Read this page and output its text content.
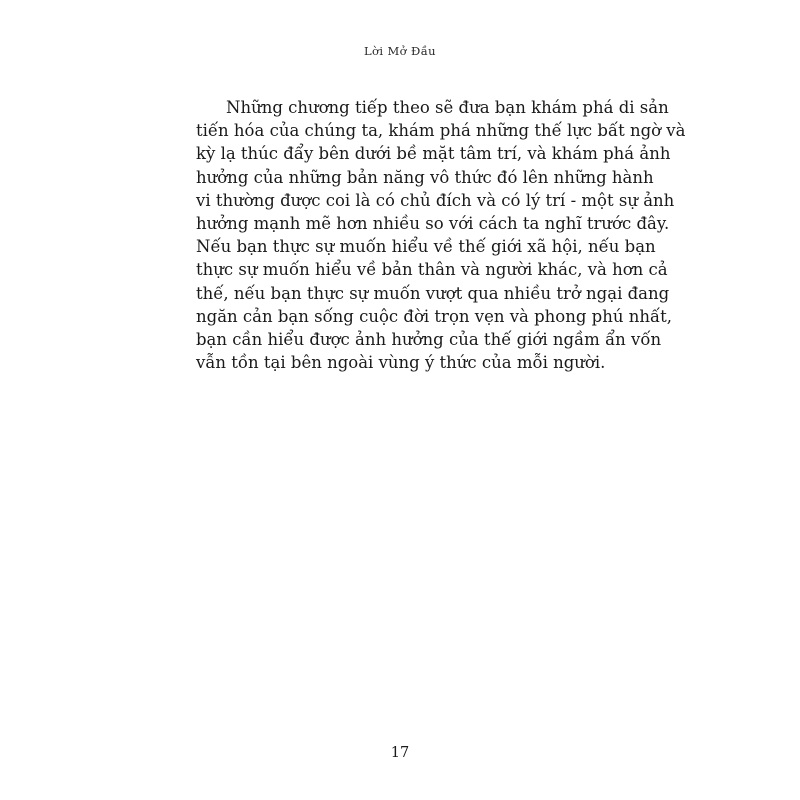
Lời Mở Đầu

Những chương tiếp theo sẽ đưa bạn khám phá di sản
tiến hóa của chúng ta, khám phá những thế lực bất ngờ và
kỳ lạ thúc đẩy bên dưới bề mặt tâm trí, và khám phá ảnh
hưởng của những bản năng vô thức đó lên những hành
vi thường được coi là có chủ đích và có lý trí - một sự ảnh
hưởng mạnh mẽ hơn nhiều so với cách ta nghĩ trước đây.
Nếu bạn thực sự muốn hiểu về thế giới xã hội, nếu bạn
thực sự muốn hiểu về bản thân và người khác, và hơn cả
thế, nếu bạn thực sự muốn vượt qua nhiều trở ngại đang
ngăn cản bạn sống cuộc đời trọn vẹn và phong phú nhất,
bạn cần hiểu được ảnh hưởng của thế giới ngầm ẩn vốn
vẫn tồn tại bên ngoài vùng ý thức của mỗi người.

17
